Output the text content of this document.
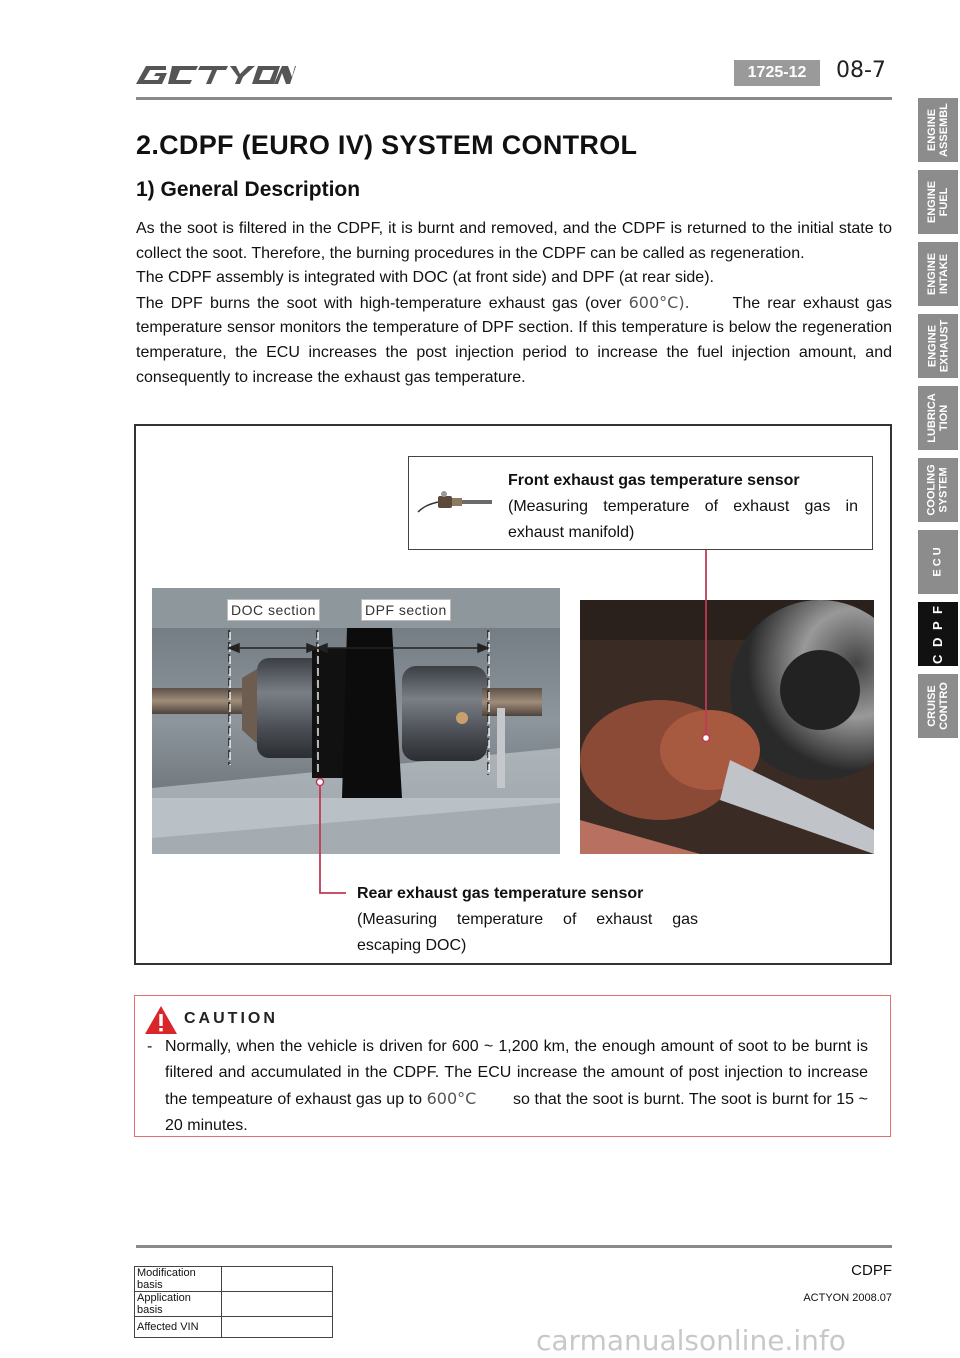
1725-12	08-7
2.CDPF (EURO IV) SYSTEM CONTROL
1) General Description

As the soot is filtered in the CDPF, it is burnt and removed, and the CDPF is returned to the initial state to collect the soot. Therefore, the burning procedures in the CDPF can be called as regeneration.

The CDPF assembly is integrated with DOC (at front side) and DPF (at rear side).

The DPF burns the soot with high-temperature exhaust gas (over 600°C).      The rear exhaust gas temperature sensor monitors the temperature of DPF section. If this temperature is below the regeneration temperature, the ECU increases the post injection period to increase the fuel injection amount, and consequently to increase the exhaust gas temperature.

DOC section	DPF section
Front exhaust gas temperature sensor
(Measuring temperature of exhaust gas in exhaust manifold)
Rear exhaust gas temperature sensor
(Measuring temperature of exhaust gas escaping DOC)
CAUTION
- Normally, when the vehicle is driven for 600 ~ 1,200 km, the enough amount of soot to be burnt is filtered and accumulated in the CDPF. The ECU increase the amount of post injection to increase the tempeature of exhaust gas up to 600°C        so that the soot is burnt. The soot is burnt for 15 ~ 20 minutes.
ENGINE
ASSEMBL
ENGINE
FUEL
ENGINE
INTAKE
ENGINE
EXHAUST
LUBRICA
TION
COOLING
SYSTEM
E C U
C D P F
CRUISE
CONTRO
Modification basis	
Application basis	
Affected VIN	
CDPF
ACTYON 2008.07
carmanualsonline.info
